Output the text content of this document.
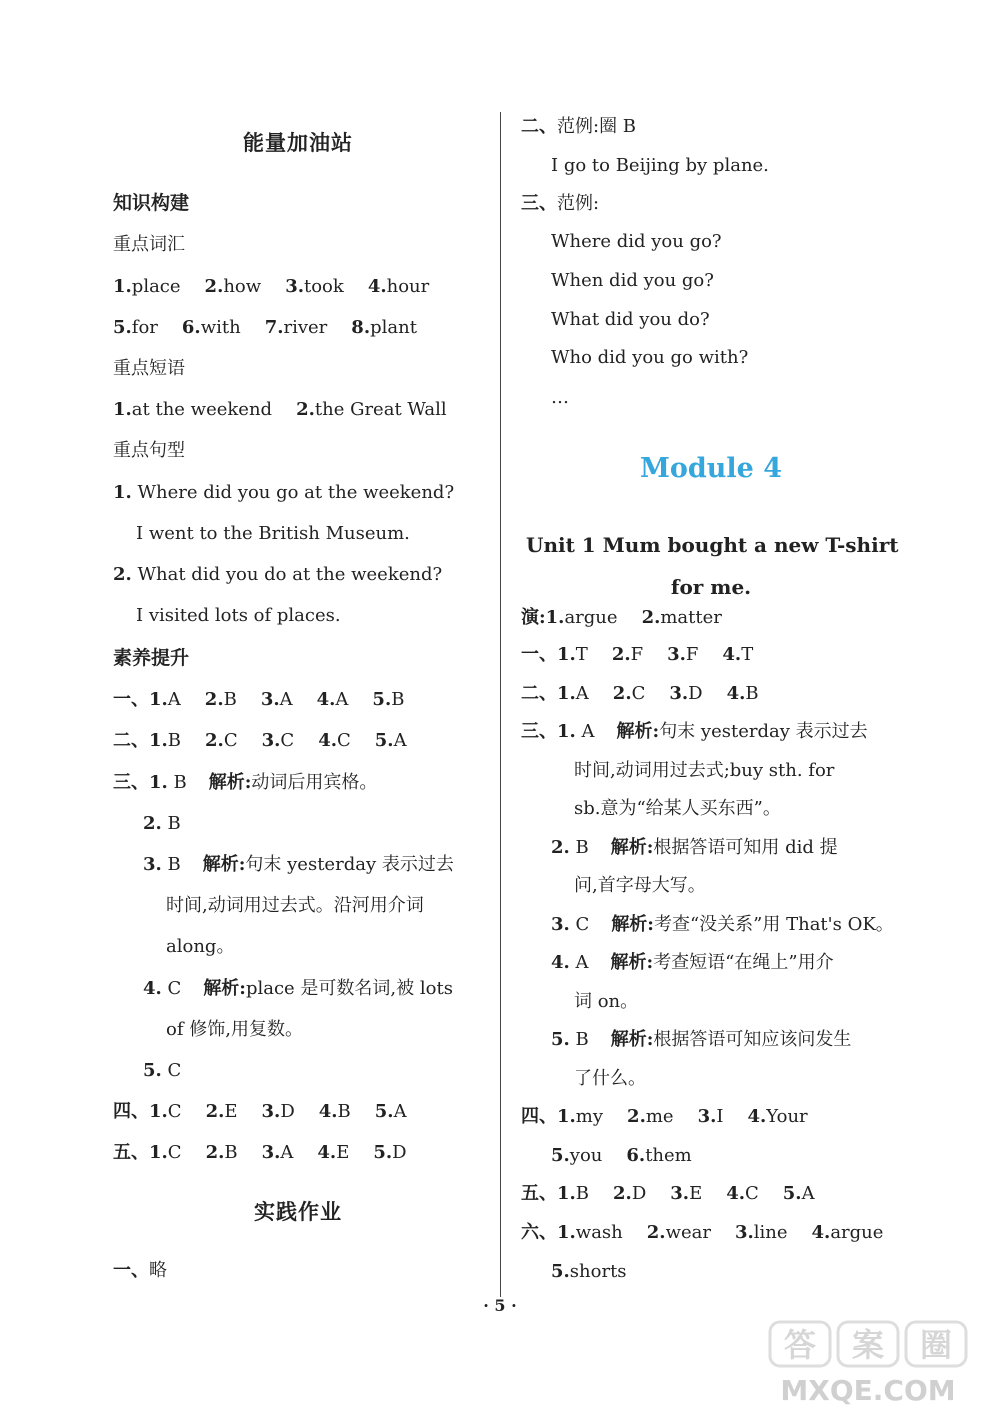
能量加油站
知识构建
重点词汇
1.place 2.how 3.took 4.hour
5.for 6.with 7.river 8.plant
重点短语
1.at the weekend 2.the Great Wall
重点句型
1. Where did you go at the weekend?
I went to the British Museum.
2. What did you do at the weekend?
I visited lots of places.
素养提升
一、1.A 2.B 3.A 4.A 5.B
二、1.B 2.C 3.C 4.C 5.A
三、1. B 解析:动词后用宾格。
2. B
3. B 解析:句末 yesterday 表示过去
时间,动词用过去式。沿河用介词
along。
4. C 解析:place 是可数名词,被 lots
of 修饰,用复数。
5. C
四、1.C 2.E 3.D 4.B 5.A
五、1.C 2.B 3.A 4.E 5.D
实践作业
一、略
二、范例:圈 B
I go to Beijing by plane.
三、范例:
Where did you go?
When did you go?
What did you do?
Who did you go with?
…
Module 4
Unit 1 Mum bought a new T-shirt
for me.
演:1.argue 2.matter
一、1.T 2.F 3.F 4.T
二、1.A 2.C 3.D 4.B
三、1. A 解析:句末 yesterday 表示过去
时间,动词用过去式;buy sth. for
sb.意为“给某人买东西”。
2. B 解析:根据答语可知用 did 提
问,首字母大写。
3. C 解析:考查“没关系”用 That's OK。
4. A 解析:考查短语“在绳上”用介
词 on。
5. B 解析:根据答语可知应该问发生
了什么。
四、1.my 2.me 3.I 4.Your
5.you 6.them
五、1.B 2.D 3.E 4.C 5.A
六、1.wash 2.wear 3.line 4.argue
5.shorts
· 5 ·
答 案 圈
MXQE.COM
